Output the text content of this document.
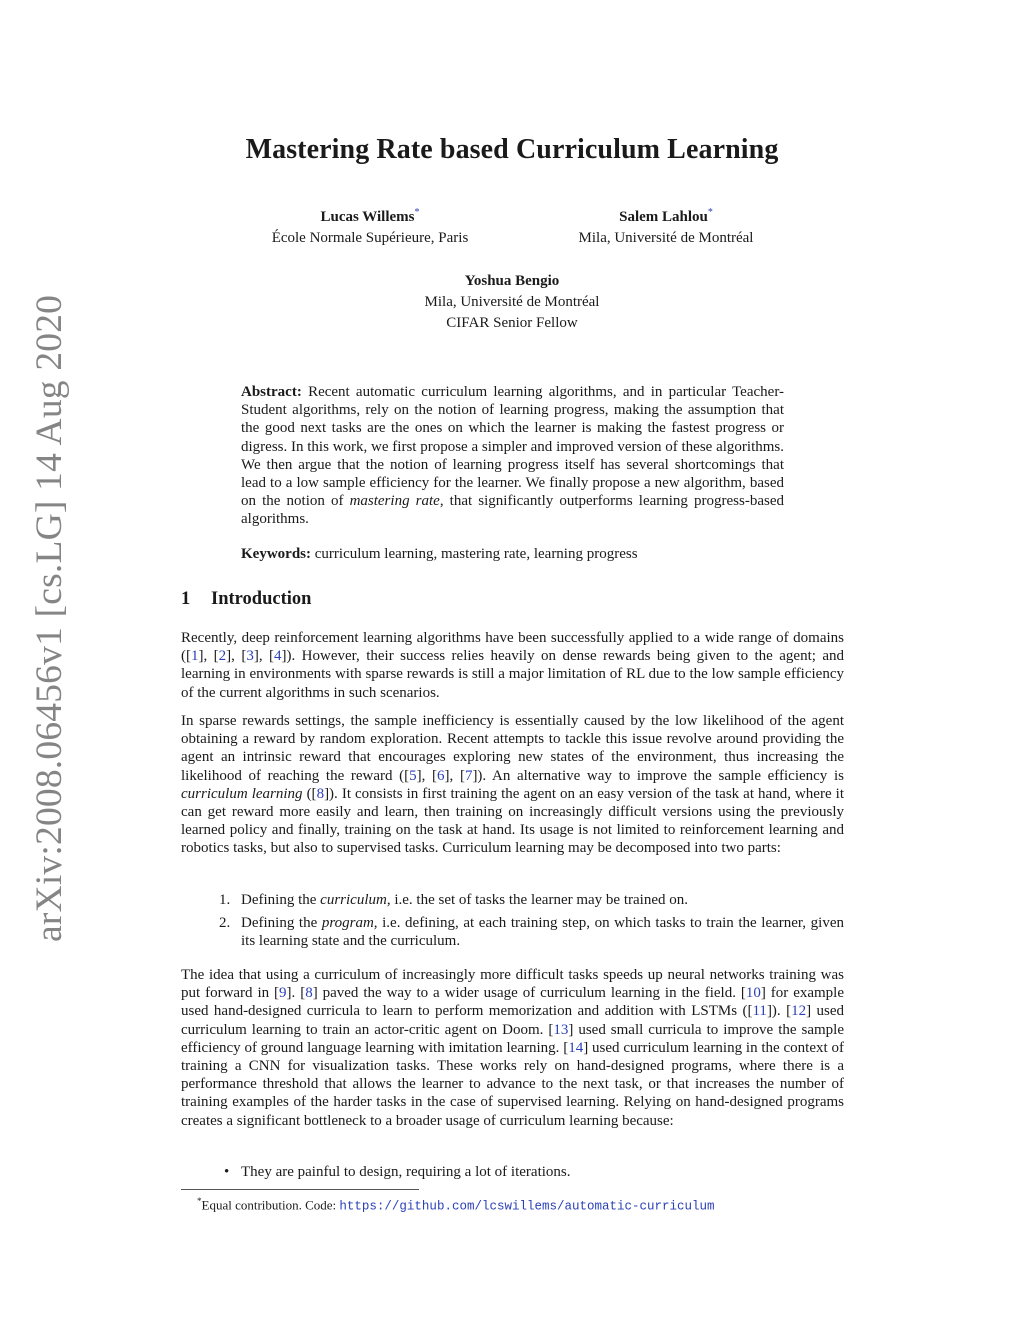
arXiv:2008.06456v1 [cs.LG] 14 Aug 2020
Mastering Rate based Curriculum Learning
Lucas Willems*
École Normale Supérieure, Paris
Salem Lahlou*
Mila, Université de Montréal
Yoshua Bengio
Mila, Université de Montréal
CIFAR Senior Fellow
Abstract: Recent automatic curriculum learning algorithms, and in particular Teacher-Student algorithms, rely on the notion of learning progress, making the assumption that the good next tasks are the ones on which the learner is making the fastest progress or digress. In this work, we first propose a simpler and improved version of these algorithms. We then argue that the notion of learning progress itself has several shortcomings that lead to a low sample efficiency for the learner. We finally propose a new algorithm, based on the notion of mastering rate, that significantly outperforms learning progress-based algorithms.
Keywords: curriculum learning, mastering rate, learning progress
1 Introduction
Recently, deep reinforcement learning algorithms have been successfully applied to a wide range of domains ([1], [2], [3], [4]). However, their success relies heavily on dense rewards being given to the agent; and learning in environments with sparse rewards is still a major limitation of RL due to the low sample efficiency of the current algorithms in such scenarios.
In sparse rewards settings, the sample inefficiency is essentially caused by the low likelihood of the agent obtaining a reward by random exploration. Recent attempts to tackle this issue revolve around providing the agent an intrinsic reward that encourages exploring new states of the environment, thus increasing the likelihood of reaching the reward ([5], [6], [7]). An alternative way to improve the sample efficiency is curriculum learning ([8]). It consists in first training the agent on an easy version of the task at hand, where it can get reward more easily and learn, then training on increasingly difficult versions using the previously learned policy and finally, training on the task at hand. Its usage is not limited to reinforcement learning and robotics tasks, but also to supervised tasks. Curriculum learning may be decomposed into two parts:
1. Defining the curriculum, i.e. the set of tasks the learner may be trained on.
2. Defining the program, i.e. defining, at each training step, on which tasks to train the learner, given its learning state and the curriculum.
The idea that using a curriculum of increasingly more difficult tasks speeds up neural networks training was put forward in [9]. [8] paved the way to a wider usage of curriculum learning in the field. [10] for example used hand-designed curricula to learn to perform memorization and addition with LSTMs ([11]). [12] used curriculum learning to train an actor-critic agent on Doom. [13] used small curricula to improve the sample efficiency of ground language learning with imitation learning. [14] used curriculum learning in the context of training a CNN for visualization tasks. These works rely on hand-designed programs, where there is a performance threshold that allows the learner to advance to the next task, or that increases the number of training examples of the harder tasks in the case of supervised learning. Relying on hand-designed programs creates a significant bottleneck to a broader usage of curriculum learning because:
• They are painful to design, requiring a lot of iterations.
*Equal contribution. Code: https://github.com/lcswillems/automatic-curriculum
